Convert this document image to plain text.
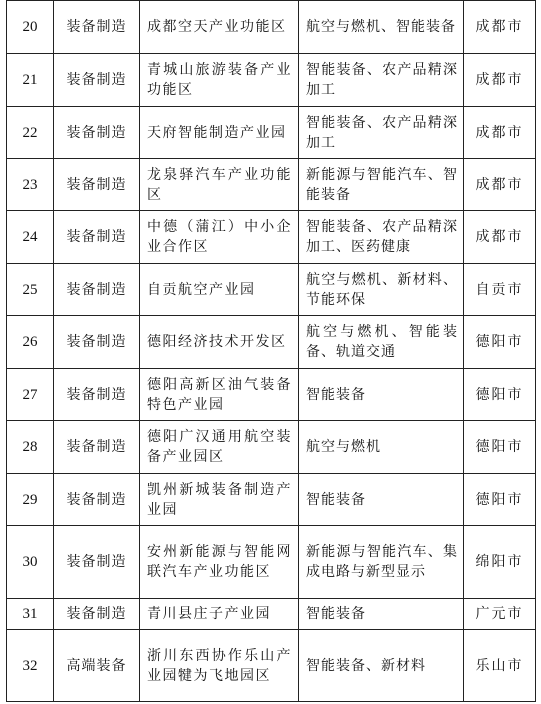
20	装备制造	成都空天产业功能区	航空与燃机、智能装备	成都市
21	装备制造	青城山旅游装备产业功能区	智能装备、农产品精深加工	成都市
22	装备制造	天府智能制造产业园	智能装备、农产品精深加工	成都市
23	装备制造	龙泉驿汽车产业功能区	新能源与智能汽车、智能装备	成都市
24	装备制造	中德（蒲江）中小企业合作区	智能装备、农产品精深加工、医药健康	成都市
25	装备制造	自贡航空产业园	航空与燃机、新材料、节能环保	自贡市
26	装备制造	德阳经济技术开发区	航空与燃机、智能装备、轨道交通	德阳市
27	装备制造	德阳高新区油气装备特色产业园	智能装备	德阳市
28	装备制造	德阳广汉通用航空装备产业园区	航空与燃机	德阳市
29	装备制造	凯州新城装备制造产业园	智能装备	德阳市
30	装备制造	安州新能源与智能网联汽车产业功能区	新能源与智能汽车、集成电路与新型显示	绵阳市
31	装备制造	青川县庄子产业园	智能装备	广元市
32	高端装备	浙川东西协作乐山产业园犍为飞地园区	智能装备、新材料	乐山市
